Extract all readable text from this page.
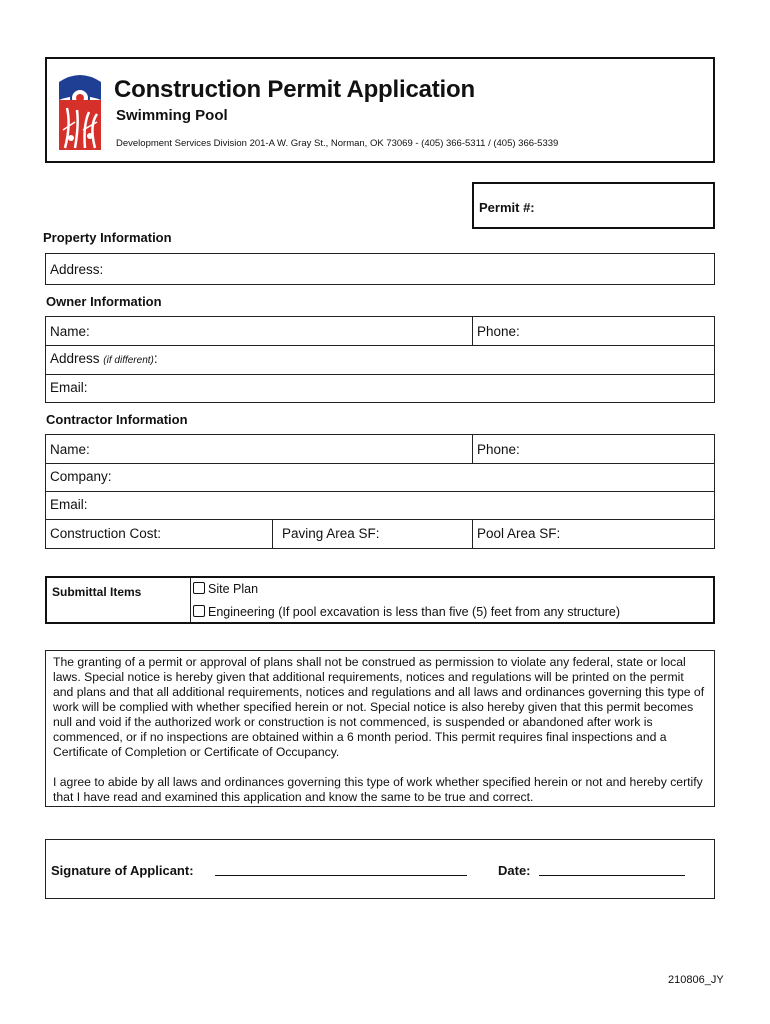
Construction Permit Application
Swimming Pool
Development Services Division 201-A W. Gray St., Norman, OK 73069 - (405) 366-5311 / (405) 366-5339
Permit #:
Property Information
Address:
Owner Information
Name:	Phone:
Address (if different):
Email:
Contractor Information
Name:	Phone:
Company:
Email:
Construction Cost:	Paving Area SF:	Pool Area SF:
Submittal Items	Site Plan
Engineering (If pool excavation is less than five (5) feet from any structure)

The granting of a permit or approval of plans shall not be construed as permission to violate any federal, state or local laws. Special notice is hereby given that additional requirements, notices and regulations will be printed on the permit and plans and that all additional requirements, notices and regulations and all laws and ordinances governing this type of work will be complied with whether specified herein or not. Special notice is also hereby given that this permit becomes null and void if the authorized work or construction is not commenced, is suspended or abandoned after work is commenced, or if no inspections are obtained within a 6 month period. This permit requires final inspections and a Certificate of Completion or Certificate of Occupancy.

I agree to abide by all laws and ordinances governing this type of work whether specified herein or not and hereby certify that I have read and examined this application and know the same to be true and correct.

Signature of Applicant:	Date:
210806_JY
